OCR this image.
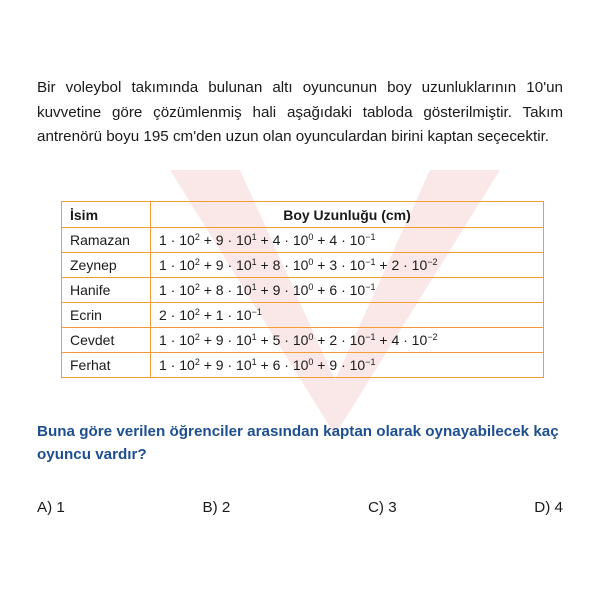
Bir voleybol takımında bulunan altı oyuncunun boy uzunluklarının 10'un kuvvetine göre çözümlenmiş hali aşağıdaki tabloda gösterilmiştir. Takım antrenörü boyu 195 cm'den uzun olan oyunculardan birini kaptan seçecektir.
İsim	Boy Uzunluğu (cm)
Ramazan	$1 \cdot 10^2 + 9 \cdot 10^1 + 4 \cdot 10^0 + 4 \cdot 10^{-1}$
Zeynep	$1 \cdot 10^2 + 9 \cdot 10^1 + 8 \cdot 10^0 + 3 \cdot 10^{-1} + 2 \cdot 10^{-2}$
Hanife	$1 \cdot 10^2 + 8 \cdot 10^1 + 9 \cdot 10^0 + 6 \cdot 10^{-1}$
Ecrin	$2 \cdot 10^2 + 1 \cdot 10^{-1}$
Cevdet	$1 \cdot 10^2 + 9 \cdot 10^1 + 5 \cdot 10^0 + 2 \cdot 10^{-1} + 4 \cdot 10^{-2}$
Ferhat	$1 \cdot 10^2 + 9 \cdot 10^1 + 6 \cdot 10^0 + 9 \cdot 10^{-1}$
Buna göre verilen öğrenciler arasından kaptan olarak oynayabilecek kaç oyuncu vardır?
A) 1	B) 2	C) 3	D) 4
